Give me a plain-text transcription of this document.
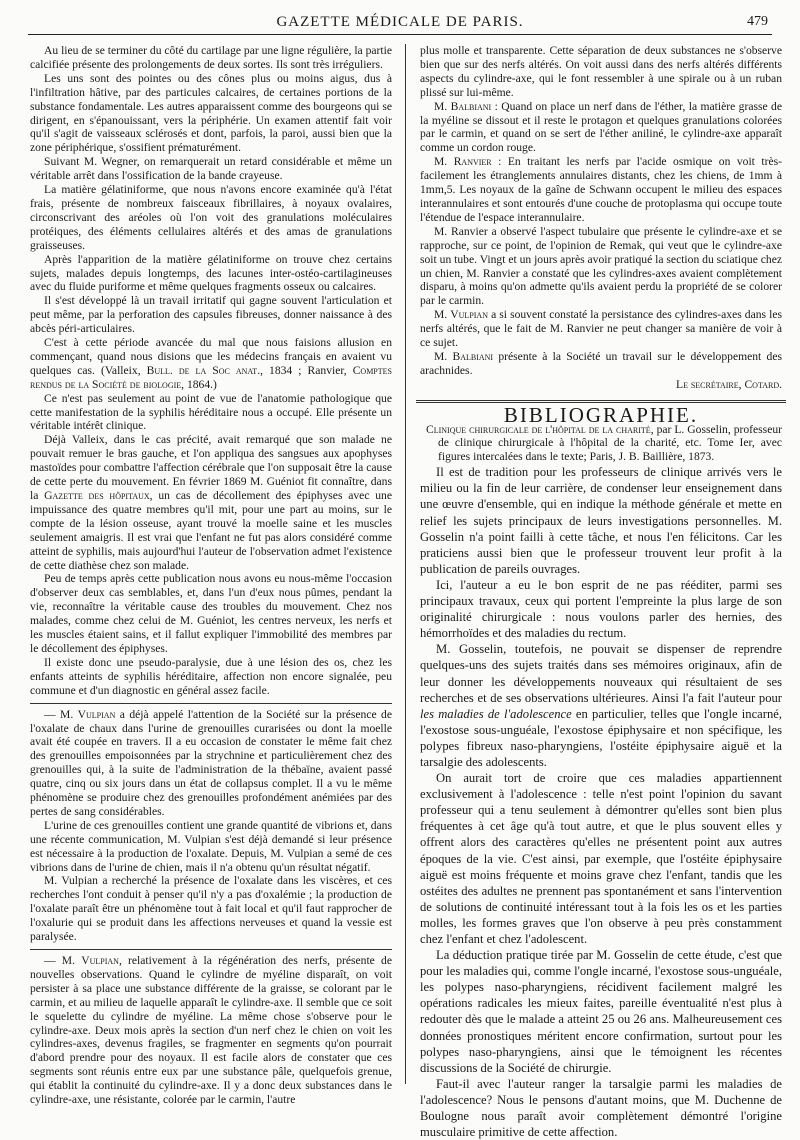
GAZETTE MÉDICALE DE PARIS.	479

Au lieu de se terminer du côté du cartilage par une ligne régulière, la partie calcifiée présente des prolongements de deux sortes. Ils sont très irréguliers.

Les uns sont des pointes ou des cônes plus ou moins aigus, dus à l'infiltration hâtive, par des particules calcaires, de certaines portions de la substance fondamentale. Les autres apparaissent comme des bourgeons qui se dirigent, en s'épanouissant, vers la périphérie. Un examen attentif fait voir qu'il s'agit de vaisseaux sclérosés et dont, parfois, la paroi, aussi bien que la zone périphérique, s'ossifient prématurément.

Suivant M. Wegner, on remarquerait un retard considérable et même un véritable arrêt dans l'ossification de la bande crayeuse.

La matière gélatiniforme, que nous n'avons encore examinée qu'à l'état frais, présente de nombreux faisceaux fibrillaires, à noyaux ovalaires, circonscrivant des aréoles où l'on voit des granulations moléculaires protéiques, des éléments cellulaires altérés et des amas de granulations graisseuses.

Après l'apparition de la matière gélatiniforme on trouve chez certains sujets, malades depuis longtemps, des lacunes inter-ostéo-cartilagineuses avec du fluide puriforme et même quelques fragments osseux ou calcaires.

Il s'est développé là un travail irritatif qui gagne souvent l'articulation et peut même, par la perforation des capsules fibreuses, donner naissance à des abcès péri-articulaires.

C'est à cette période avancée du mal que nous faisions allusion en commençant, quand nous disions que les médecins français en avaient vu quelques cas. (Valleix, Bull. de la Soc anat., 1834 ; Ranvier, Comptes rendus de la Société de biologie, 1864.)

Ce n'est pas seulement au point de vue de l'anatomie pathologique que cette manifestation de la syphilis héréditaire nous a occupé. Elle présente un véritable intérêt clinique.

Déjà Valleix, dans le cas précité, avait remarqué que son malade ne pouvait remuer le bras gauche, et l'on appliqua des sangsues aux apophyses mastoïdes pour combattre l'affection cérébrale que l'on supposait être la cause de cette perte du mouvement. En février 1869 M. Guéniot fit connaître, dans la Gazette des hôpitaux, un cas de décollement des épiphyses avec une impuissance des quatre membres qu'il mit, pour une part au moins, sur le compte de la lésion osseuse, ayant trouvé la moelle saine et les muscles seulement amaigris. Il est vrai que l'enfant ne fut pas alors considéré comme atteint de syphilis, mais aujourd'hui l'auteur de l'observation admet l'existence de cette diathèse chez son malade.

Peu de temps après cette publication nous avons eu nous-même l'occasion d'observer deux cas semblables, et, dans l'un d'eux nous pûmes, pendant la vie, reconnaître la véritable cause des troubles du mouvement. Chez nos malades, comme chez celui de M. Guéniot, les centres nerveux, les nerfs et les muscles étaient sains, et il fallut expliquer l'immobilité des membres par le décollement des épiphyses.

Il existe donc une pseudo-paralysie, due à une lésion des os, chez les enfants atteints de syphilis héréditaire, affection non encore signalée, peu commune et d'un diagnostic en général assez facile.

— M. Vulpian a déjà appelé l'attention de la Société sur la présence de l'oxalate de chaux dans l'urine de grenouilles curarisées ou dont la moelle avait été coupée en travers. Il a eu occasion de constater le même fait chez des grenouilles empoisonnées par la strychnine et particulièrement chez des grenouilles qui, à la suite de l'administration de la thébaïne, avaient passé quatre, cinq ou six jours dans un état de collapsus complet. Il a vu le même phénomène se produire chez des grenouilles profondément anémiées par des pertes de sang considérables.

L'urine de ces grenouilles contient une grande quantité de vibrions et, dans une récente communication, M. Vulpian s'est déjà demandé si leur présence est nécessaire à la production de l'oxalate. Depuis, M. Vulpian a semé de ces vibrions dans de l'urine de chien, mais il n'a obtenu qu'un résultat négatif.

M. Vulpian a recherché la présence de l'oxalate dans les viscères, et ces recherches l'ont conduit à penser qu'il n'y a pas d'oxalémie ; la production de l'oxalate paraît être un phénomène tout à fait local et qu'il faut rapprocher de l'oxalurie qui se produit dans les affections nerveuses et quand la vessie est paralysée.

— M. Vulpian, relativement à la régénération des nerfs, présente de nouvelles observations. Quand le cylindre de myéline disparaît, on voit persister à sa place une substance différente de la graisse, se colorant par le carmin, et au milieu de laquelle apparaît le cylindre-axe. Il semble que ce soit le squelette du cylindre de myéline. La même chose s'observe pour le cylindre-axe. Deux mois après la section d'un nerf chez le chien on voit les cylindres-axes, devenus fragiles, se fragmenter en segments qu'on pourrait d'abord prendre pour des noyaux. Il est facile alors de constater que ces segments sont réunis entre eux par une substance pâle, quelquefois grenue, qui établit la continuité du cylindre-axe. Il y a donc deux substances dans le cylindre-axe, une résistante, colorée par le carmin, l'autre

plus molle et transparente. Cette séparation de deux substances ne s'observe bien que sur des nerfs altérés. On voit aussi dans des nerfs altérés différents aspects du cylindre-axe, qui le font ressembler à une spirale ou à un ruban plissé sur lui-même.

M. Balbiani : Quand on place un nerf dans de l'éther, la matière grasse de la myéline se dissout et il reste le protagon et quelques granulations colorées par le carmin, et quand on se sert de l'éther aniliné, le cylindre-axe apparaît comme un cordon rouge.

M. Ranvier : En traitant les nerfs par l'acide osmique on voit très-facilement les étranglements annulaires distants, chez les chiens, de 1mm à 1mm,5. Les noyaux de la gaîne de Schwann occupent le milieu des espaces interannulaires et sont entourés d'une couche de protoplasma qui occupe toute l'étendue de l'espace interannulaire.

M. Ranvier a observé l'aspect tubulaire que présente le cylindre-axe et se rapproche, sur ce point, de l'opinion de Remak, qui veut que le cylindre-axe soit un tube. Vingt et un jours après avoir pratiqué la section du sciatique chez un chien, M. Ranvier a constaté que les cylindres-axes avaient complètement disparu, à moins qu'on admette qu'ils avaient perdu la propriété de se colorer par le carmin.

M. Vulpian a si souvent constaté la persistance des cylindres-axes dans les nerfs altérés, que le fait de M. Ranvier ne peut changer sa manière de voir à ce sujet.

M. Balbiani présente à la Société un travail sur le développement des arachnides.

Le secrétaire, Cotard.

BIBLIOGRAPHIE.

Clinique chirurgicale de l'hôpital de la charité, par L. Gosselin, professeur de clinique chirurgicale à l'hôpital de la charité, etc. Tome Ier, avec figures intercalées dans le texte; Paris, J. B. Baillière, 1873.

Il est de tradition pour les professeurs de clinique arrivés vers le milieu ou la fin de leur carrière, de condenser leur enseignement dans une œuvre d'ensemble, qui en indique la méthode générale et mette en relief les sujets principaux de leurs investigations personnelles. M. Gosselin n'a point failli à cette tâche, et nous l'en félicitons. Car les praticiens aussi bien que le professeur trouvent leur profit à la publication de pareils ouvrages.

Ici, l'auteur a eu le bon esprit de ne pas rééditer, parmi ses principaux travaux, ceux qui portent l'empreinte la plus large de son originalité chirurgicale : nous voulons parler des hernies, des hémorrhoïdes et des maladies du rectum.

M. Gosselin, toutefois, ne pouvait se dispenser de reprendre quelques-uns des sujets traités dans ses mémoires originaux, afin de leur donner les développements nouveaux qui résultaient de ses recherches et de ses observations ultérieures. Ainsi l'a fait l'auteur pour les maladies de l'adolescence en particulier, telles que l'ongle incarné, l'exostose sous-unguéale, l'exostose épiphysaire et non spécifique, les polypes fibreux naso-pharyngiens, l'ostéite épiphysaire aiguë et la tarsalgie des adolescents.

On aurait tort de croire que ces maladies appartiennent exclusivement à l'adolescence : telle n'est point l'opinion du savant professeur qui a tenu seulement à démontrer qu'elles sont bien plus fréquentes à cet âge qu'à tout autre, et que le plus souvent elles y offrent alors des caractères qu'elles ne présentent point aux autres époques de la vie. C'est ainsi, par exemple, que l'ostéite épiphysaire aiguë est moins fréquente et moins grave chez l'enfant, tandis que les ostéites des adultes ne prennent pas spontanément et sans l'intervention de solutions de continuité intéressant tout à la fois les os et les parties molles, les formes graves que l'on observe à peu près constamment chez l'enfant et chez l'adolescent.

La déduction pratique tirée par M. Gosselin de cette étude, c'est que pour les maladies qui, comme l'ongle incarné, l'exostose sous-unguéale, les polypes naso-pharyngiens, récidivent facilement malgré les opérations radicales les mieux faites, pareille éventualité n'est plus à redouter dès que le malade a atteint 25 ou 26 ans. Malheureusement ces données pronostiques méritent encore confirmation, surtout pour les polypes naso-pharyngiens, ainsi que le témoignent les récentes discussions de la Société de chirurgie.

Faut-il avec l'auteur ranger la tarsalgie parmi les maladies de l'adolescence? Nous le pensons d'autant moins, que M. Duchenne de Boulogne nous paraît avoir complètement démontré l'origine musculaire primitive de cette affection.
